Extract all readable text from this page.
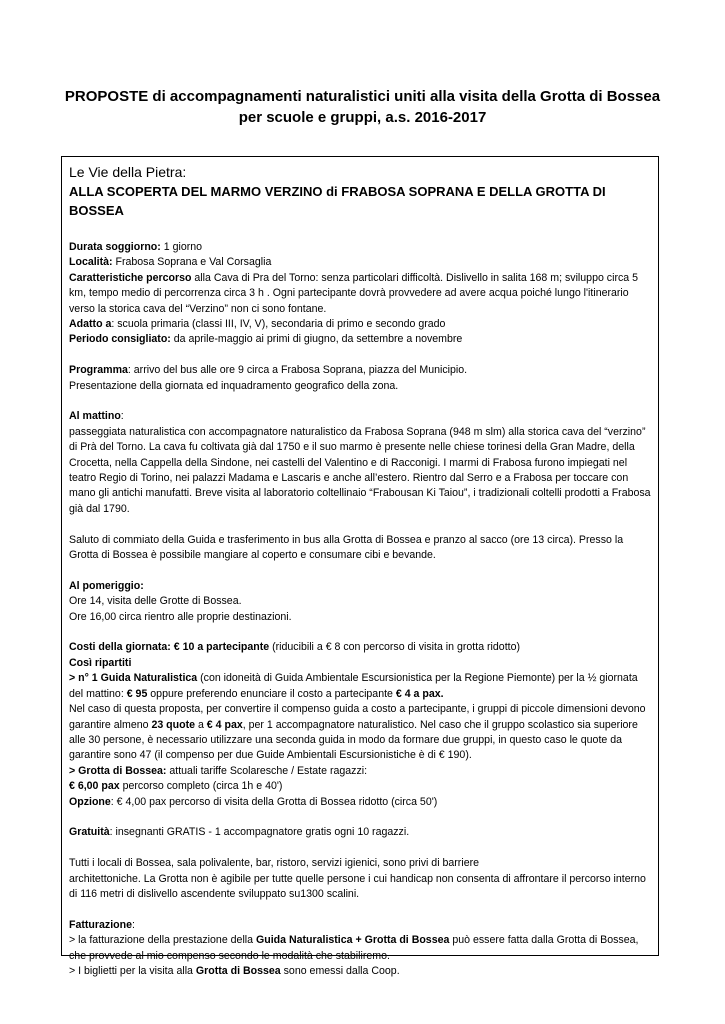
PROPOSTE di accompagnamenti naturalistici uniti alla visita della Grotta di Bossea
per scuole e gruppi, a.s. 2016-2017
Le Vie della Pietra:
ALLA SCOPERTA DEL MARMO VERZINO di FRABOSA SOPRANA E DELLA GROTTA DI BOSSEA

Durata soggiorno: 1 giorno

Località: Frabosa Soprana e Val Corsaglia

Caratteristiche percorso alla Cava di Pra del Torno: senza particolari difficoltà. Dislivello in salita 168 m; sviluppo circa 5 km, tempo medio di percorrenza circa 3 h . Ogni partecipante dovrà provvedere ad avere acqua poiché lungo l'itinerario verso la storica cava del “Verzino” non ci sono fontane.

Adatto a: scuola primaria (classi III, IV, V), secondaria di primo e secondo grado

Periodo consigliato: da aprile-maggio ai primi di giugno, da settembre a novembre

Programma: arrivo del bus alle ore 9 circa a Frabosa Soprana, piazza del Municipio.

Presentazione della giornata ed inquadramento geografico della zona.

Al mattino:

passeggiata naturalistica con accompagnatore naturalistico da Frabosa Soprana (948 m slm) alla storica cava del “verzino” di Prà del Torno. La cava fu coltivata già dal 1750 e il suo marmo è presente nelle chiese torinesi della Gran Madre, della Crocetta, nella Cappella della Sindone, nei castelli del Valentino e di Racconigi. I marmi di Frabosa furono impiegati nel teatro Regio di Torino, nei palazzi Madama e Lascaris e anche all’estero. Rientro dal Serro e a Frabosa per toccare con mano gli antichi manufatti. Breve visita al laboratorio coltellinaio “Frabousan Ki Taiou”, i tradizionali coltelli prodotti a Frabosa già dal 1790.

Saluto di commiato della Guida e trasferimento in bus alla Grotta di Bossea e pranzo al sacco (ore 13 circa). Presso la Grotta di Bossea è possibile mangiare al coperto e consumare cibi e bevande.

Al pomeriggio:

Ore 14, visita delle Grotte di Bossea.

Ore 16,00 circa rientro alle proprie destinazioni.

Costi della giornata: € 10 a partecipante (riducibili a € 8 con percorso di visita in grotta ridotto)

Così ripartiti

> n° 1 Guida Naturalistica (con idoneità di Guida Ambientale Escursionistica per la Regione Piemonte) per la ½ giornata del mattino: € 95 oppure preferendo enunciare il costo a partecipante € 4 a pax.

Nel caso di questa proposta, per convertire il compenso guida a costo a partecipante, i gruppi di piccole dimensioni devono garantire almeno 23 quote a € 4 pax, per 1 accompagnatore naturalistico. Nel caso che il gruppo scolastico sia superiore alle 30 persone, è necessario utilizzare una seconda guida in modo da formare due gruppi, in questo caso le quote da garantire sono 47 (il compenso per due Guide Ambientali Escursionistiche è di € 190).

> Grotta di Bossea: attuali tariffe Scolaresche / Estate ragazzi:

€ 6,00 pax percorso completo (circa 1h e 40')

Opzione: € 4,00 pax percorso di visita della Grotta di Bossea ridotto (circa 50')

Gratuità: insegnanti GRATIS - 1 accompagnatore gratis ogni 10 ragazzi.

Tutti i locali di Bossea, sala polivalente, bar, ristoro, servizi igienici, sono privi di barriere

architettoniche. La Grotta non è agibile per tutte quelle persone i cui handicap non consenta di affrontare il percorso interno di 116 metri di dislivello ascendente sviluppato su1300 scalini.

Fatturazione:

> la fatturazione della prestazione della Guida Naturalistica + Grotta di Bossea può essere fatta dalla Grotta di Bossea, che provvede al mio compenso secondo le modalità che stabiliremo.

> I biglietti per la visita alla Grotta di Bossea sono emessi dalla Coop.
